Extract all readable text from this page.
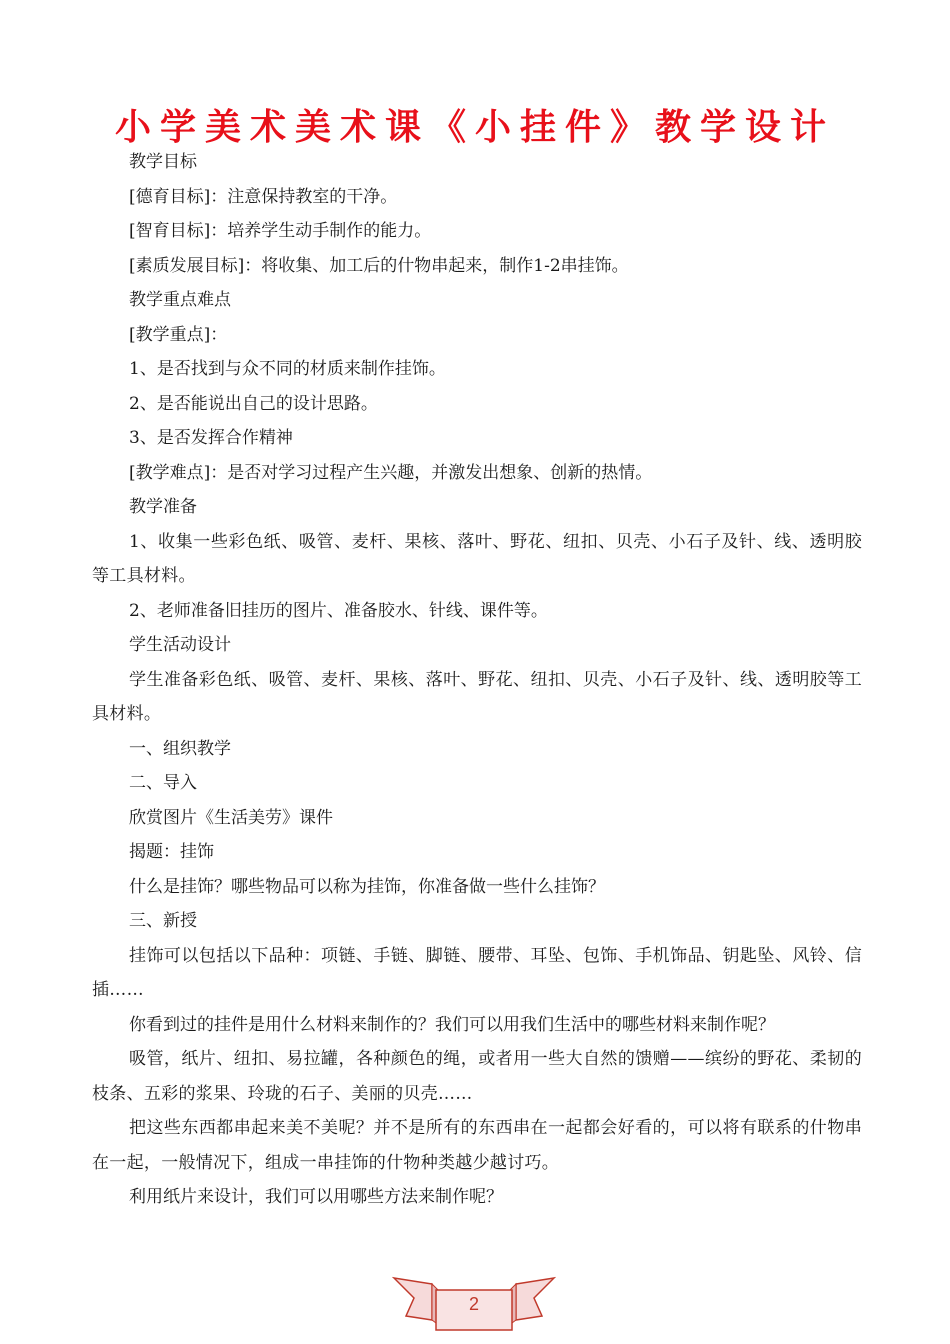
小学美术美术课《小挂件》教学设计

教学目标

[德育目标]：注意保持教室的干净。

[智育目标]：培养学生动手制作的能力。

[素质发展目标]：将收集、加工后的什物串起来，制作1-2串挂饰。

教学重点难点

[教学重点]：

1、是否找到与众不同的材质来制作挂饰。

2、是否能说出自己的设计思路。

3、是否发挥合作精神

[教学难点]：是否对学习过程产生兴趣，并激发出想象、创新的热情。

教学准备

1、收集一些彩色纸、吸管、麦杆、果核、落叶、野花、纽扣、贝壳、小石子及针、线、透明胶等工具材料。

2、老师准备旧挂历的图片、准备胶水、针线、课件等。

学生活动设计

学生准备彩色纸、吸管、麦杆、果核、落叶、野花、纽扣、贝壳、小石子及针、线、透明胶等工具材料。

一、组织教学

二、导入

欣赏图片《生活美劳》课件

揭题：挂饰

什么是挂饰？哪些物品可以称为挂饰，你准备做一些什么挂饰？

三、新授

挂饰可以包括以下品种：项链、手链、脚链、腰带、耳坠、包饰、手机饰品、钥匙坠、风铃、信插……

你看到过的挂件是用什么材料来制作的？我们可以用我们生活中的哪些材料来制作呢？

吸管，纸片、纽扣、易拉罐，各种颜色的绳，或者用一些大自然的馈赠——缤纷的野花、柔韧的枝条、五彩的浆果、玲珑的石子、美丽的贝壳……

把这些东西都串起来美不美呢？并不是所有的东西串在一起都会好看的，可以将有联系的什物串在一起，一般情况下，组成一串挂饰的什物种类越少越讨巧。

利用纸片来设计，我们可以用哪些方法来制作呢？

2
